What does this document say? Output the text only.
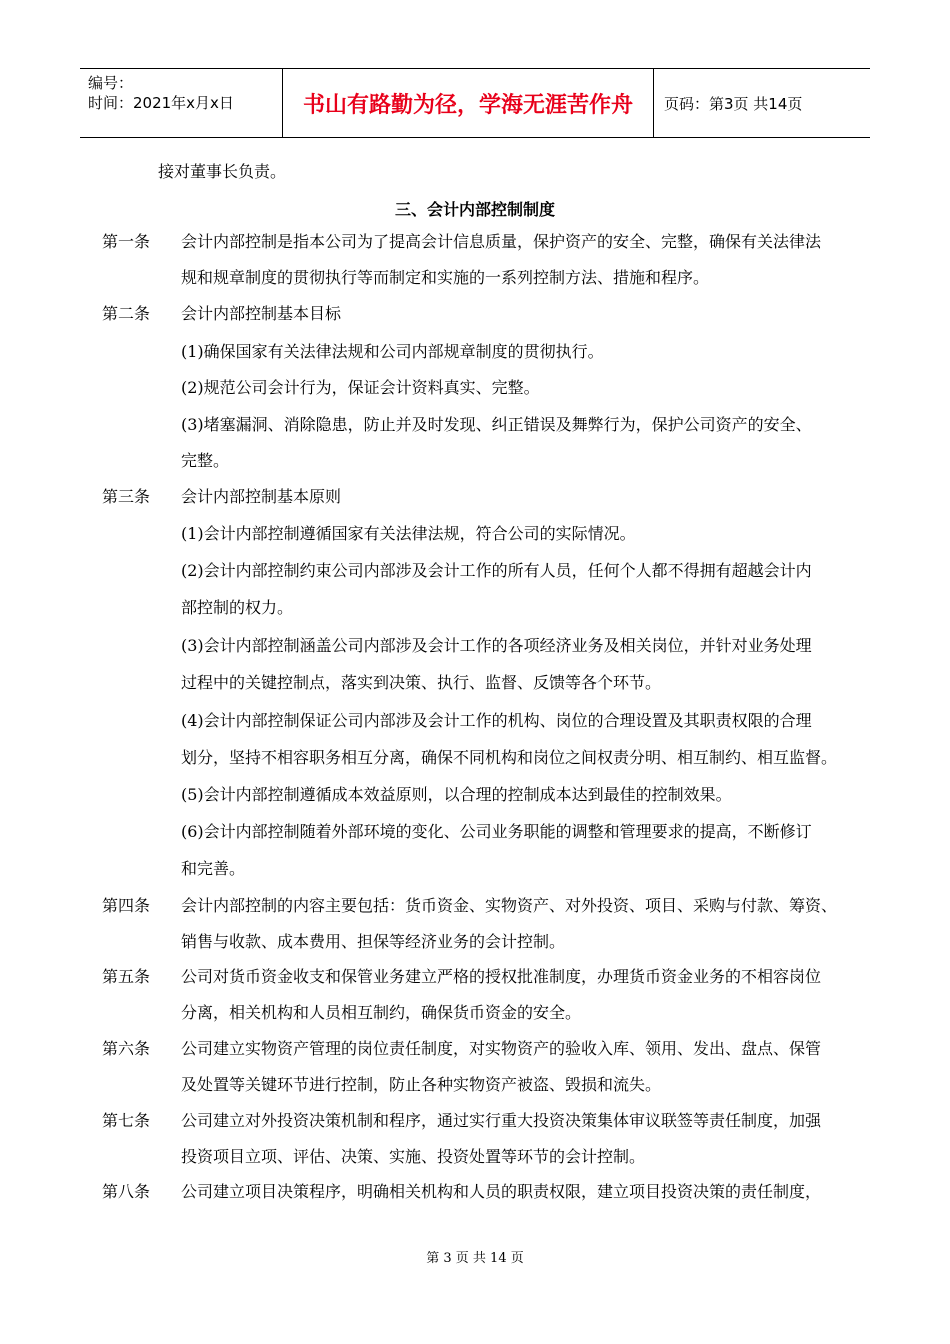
编号：
时间：2021年x月x日	书山有路勤为径，学海无涯苦作舟	页码：第3页 共14页
接对董事长负责。
三、会计内部控制制度
第一条 会计内部控制是指本公司为了提高会计信息质量，保护资产的安全、完整，确保有关法律法
规和规章制度的贯彻执行等而制定和实施的一系列控制方法、措施和程序。
第二条 会计内部控制基本目标
(1)确保国家有关法律法规和公司内部规章制度的贯彻执行。
(2)规范公司会计行为，保证会计资料真实、完整。
(3)堵塞漏洞、消除隐患，防止并及时发现、纠正错误及舞弊行为，保护公司资产的安全、
完整。
第三条 会计内部控制基本原则
(1)会计内部控制遵循国家有关法律法规，符合公司的实际情况。
(2)会计内部控制约束公司内部涉及会计工作的所有人员，任何个人都不得拥有超越会计内
部控制的权力。
(3)会计内部控制涵盖公司内部涉及会计工作的各项经济业务及相关岗位，并针对业务处理
过程中的关键控制点，落实到决策、执行、监督、反馈等各个环节。
(4)会计内部控制保证公司内部涉及会计工作的机构、岗位的合理设置及其职责权限的合理
划分，坚持不相容职务相互分离，确保不同机构和岗位之间权责分明、相互制约、相互监督。
(5)会计内部控制遵循成本效益原则，以合理的控制成本达到最佳的控制效果。
(6)会计内部控制随着外部环境的变化、公司业务职能的调整和管理要求的提高，不断修订
和完善。
第四条 会计内部控制的内容主要包括：货币资金、实物资产、对外投资、项目、采购与付款、筹资、
销售与收款、成本费用、担保等经济业务的会计控制。
第五条 公司对货币资金收支和保管业务建立严格的授权批准制度，办理货币资金业务的不相容岗位
分离，相关机构和人员相互制约，确保货币资金的安全。
第六条 公司建立实物资产管理的岗位责任制度，对实物资产的验收入库、领用、发出、盘点、保管
及处置等关键环节进行控制，防止各种实物资产被盗、毁损和流失。
第七条 公司建立对外投资决策机制和程序，通过实行重大投资决策集体审议联签等责任制度，加强
投资项目立项、评估、决策、实施、投资处置等环节的会计控制。
第八条 公司建立项目决策程序，明确相关机构和人员的职责权限，建立项目投资决策的责任制度，
第 3 页 共 14 页
